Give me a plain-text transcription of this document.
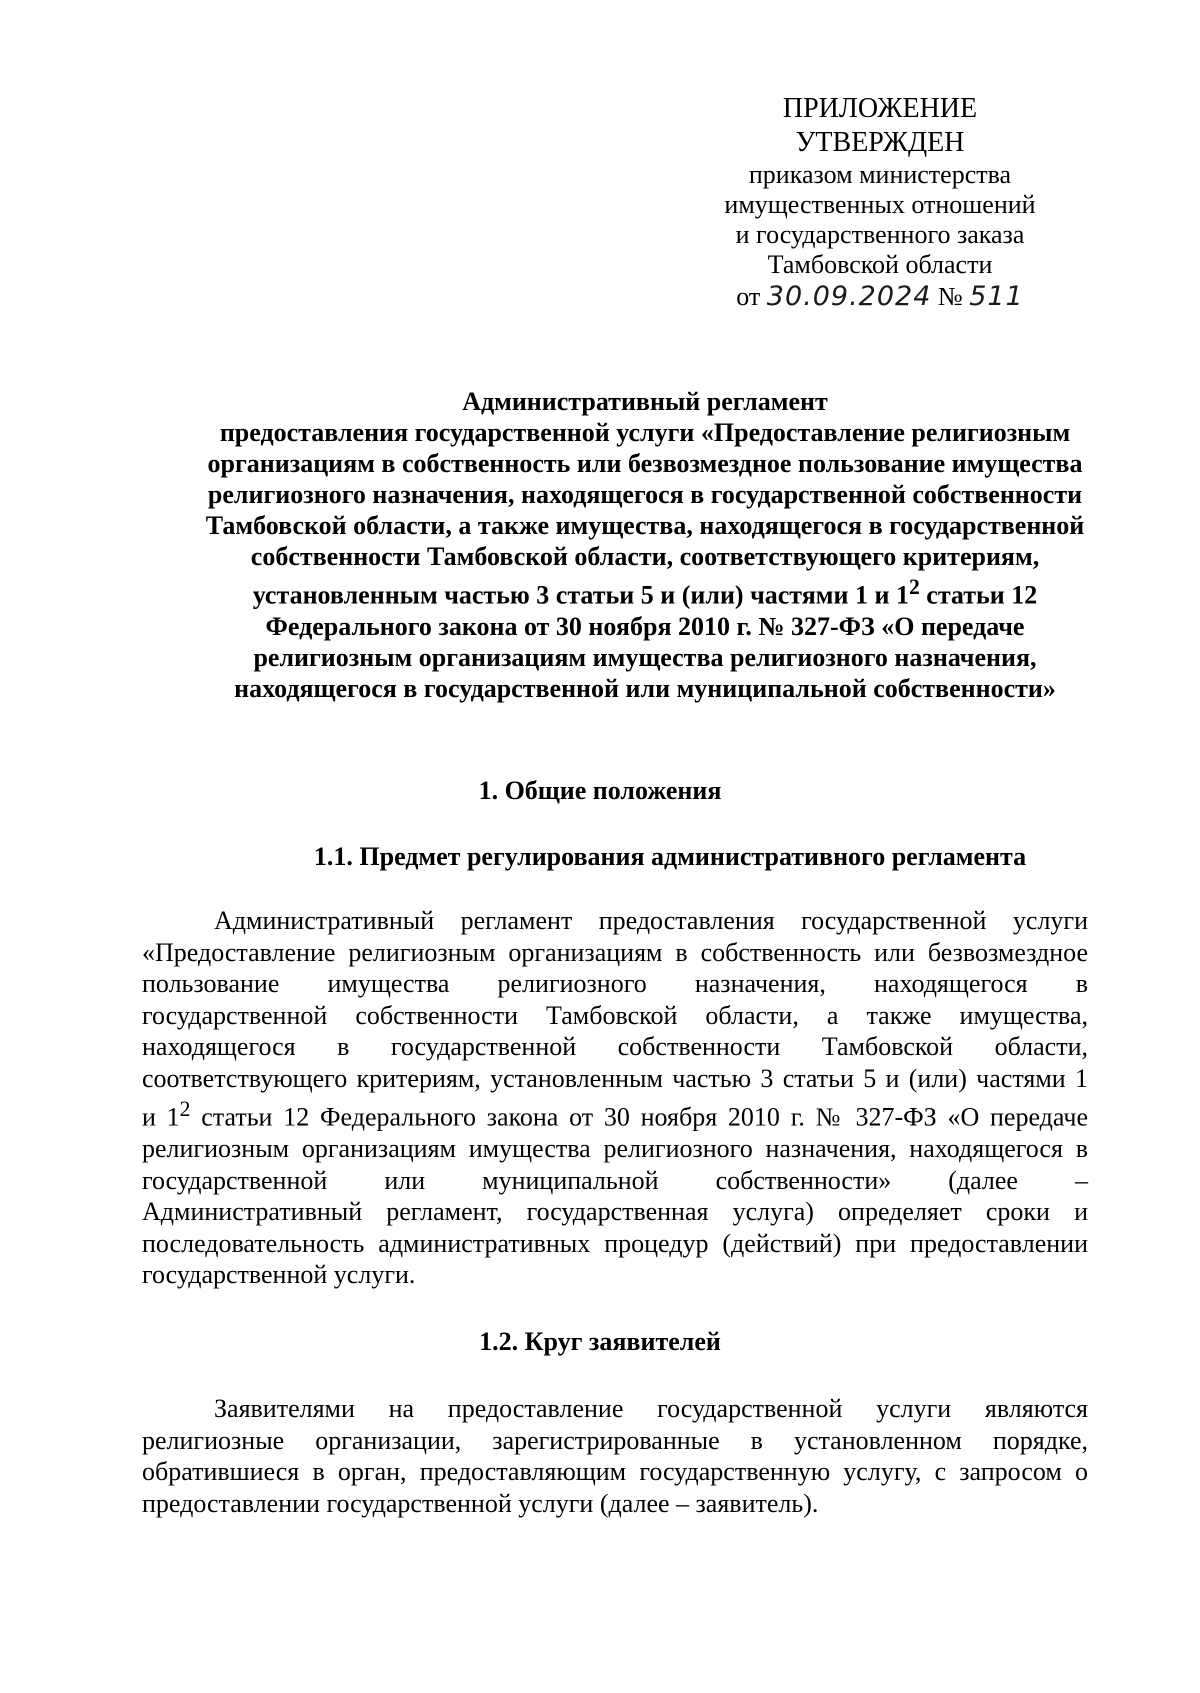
ПРИЛОЖЕНИЕ
УТВЕРЖДЕН
приказом министерства
имущественных отношений
и государственного заказа
Тамбовской области
от 30.09.2024 № 511

Административный регламент

предоставления государственной услуги «Предоставление религиозным

организациям в собственность или безвозмездное пользование имущества

религиозного назначения, находящегося в государственной собственности

Тамбовской области, а также имущества, находящегося в государственной

собственности Тамбовской области, соответствующего критериям,

установленным частью 3 статьи 5 и (или) частями 1 и $1^2$ статьи 12

Федерального закона от 30 ноября 2010 г. № 327-ФЗ «О передаче

религиозным организациям имущества религиозного назначения,

находящегося в государственной или муниципальной собственности»

1. Общие положения
1.1. Предмет регулирования административного регламента
Административный регламент предоставления государственной услуги
«Предоставление религиозным организациям в собственность или безвозмездное
пользование имущества религиозного назначения, находящегося в
государственной собственности Тамбовской области, а также имущества,
находящегося в государственной собственности Тамбовской области,
соответствующего критериям, установленным частью 3 статьи 5 и (или) частями 1
и $1^2$ статьи 12 Федерального закона от 30 ноября 2010 г. № 327-ФЗ «О передаче
религиозным организациям имущества религиозного назначения, находящегося в
государственной или муниципальной собственности» (далее –
Административный регламент, государственная услуга) определяет сроки и
последовательность административных процедур (действий) при предоставлении
государственной услуги.
1.2. Круг заявителей
Заявителями на предоставление государственной услуги являются
религиозные организации, зарегистрированные в установленном порядке,
обратившиеся в орган, предоставляющим государственную услугу, с запросом о
предоставлении государственной услуги (далее – заявитель).
